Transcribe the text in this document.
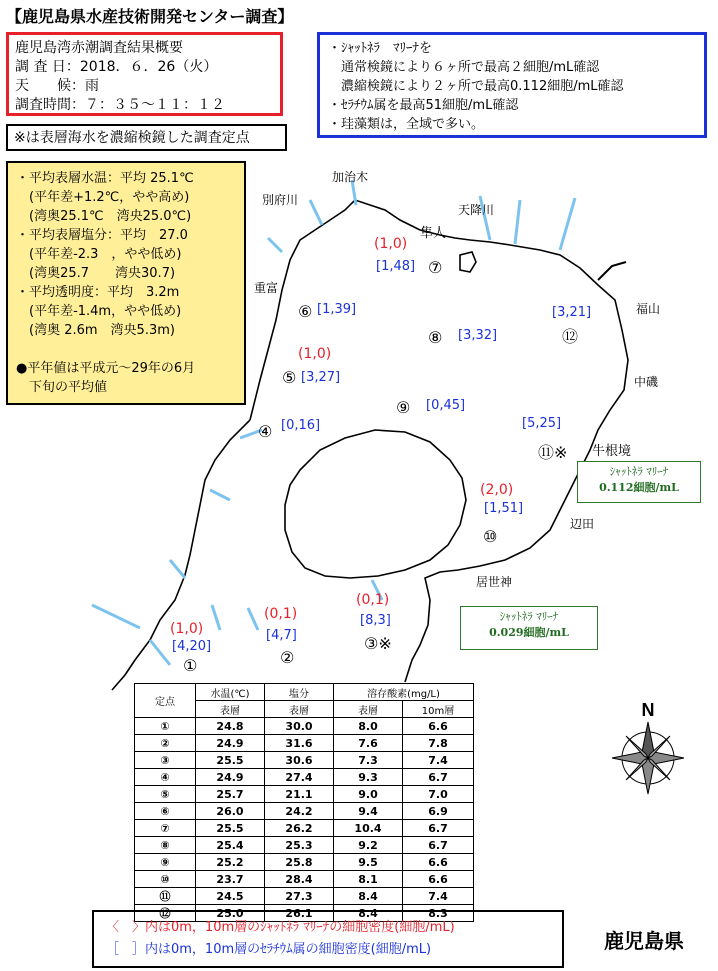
【鹿児島県水産技術開発センター調査】
鹿児島湾赤潮調査結果概要
調 査 日：2018．６．26（火）
天　　候：雨
調査時間：７：３５～１１：１２
・ｼｬｯﾄﾈﾗ　ﾏﾘｰﾅを
　通常検鏡により６ヶ所で最高２細胞/mL確認
　濃縮検鏡により２ヶ所で最高0.112細胞/mL確認
・ｾﾗﾁｳﾑ属を最高51細胞/mL確認
・珪藻類は，全域で多い。
※は表層海水を濃縮検鏡した調査定点
・平均表層水温：平均 25.1℃
　(平年差+1.2℃，やや高め)
　(湾奥25.1℃　湾央25.0℃)
・平均表層塩分：平均　27.0
　(平年差-2.3　，やや低め)
　(湾奥25.7　　湾央30.7)
・平均透明度：平均　3.2m
　(平年差-1.4m，やや低め)
　(湾奥 2.6m　湾央5.3m)

●平年値は平成元～29年の6月
　下旬の平均値
加治木
別府川
天降川
隼人
重富
福山
中磯
牛根境
辺田
居世神
(1,0)
[4,20]
①
(0,1)
[4,7]
②
(0,1)
[8,3]
③※
④ [0,16]
(1,0)
⑤ [3,27]
⑥ [1,39]
(1,0)
[1,48] ⑦
⑧ [3,32]
⑨ [0,45]
(2,0)
[1,51]
⑩
[5,25]
⑪※
[3,21]
⑫
ｼｬｯﾄﾈﾗ ﾏﾘｰﾅ
0.112細胞/mL
ｼｬｯﾄﾈﾗ ﾏﾘｰﾅ
0.029細胞/mL
定点	水温(℃)	塩分	溶存酸素(mg/L)	
	表層	表層	表層	10m層
①	24.8	30.0	8.0	6.6
②	24.9	31.6	7.6	7.8
③	25.5	30.6	7.3	7.4
④	24.9	27.4	9.3	6.7
⑤	25.7	21.1	9.0	7.0
⑥	26.0	24.2	9.4	6.9
⑦	25.5	26.2	10.4	6.7
⑧	25.4	25.3	9.2	6.7
⑨	25.2	25.8	9.5	6.6
⑩	23.7	28.4	8.1	6.6
⑪	24.5	27.3	8.4	7.4
⑫	25.0	26.1	8.4	8.3
N
〈　〉内は0m，10m層のｼｬｯﾄﾈﾗ ﾏﾘｰﾅの細胞密度(細胞/mL)
［　］内は0m，10m層のｾﾗﾁｳﾑ属の細胞密度(細胞/mL)	鹿児島県
